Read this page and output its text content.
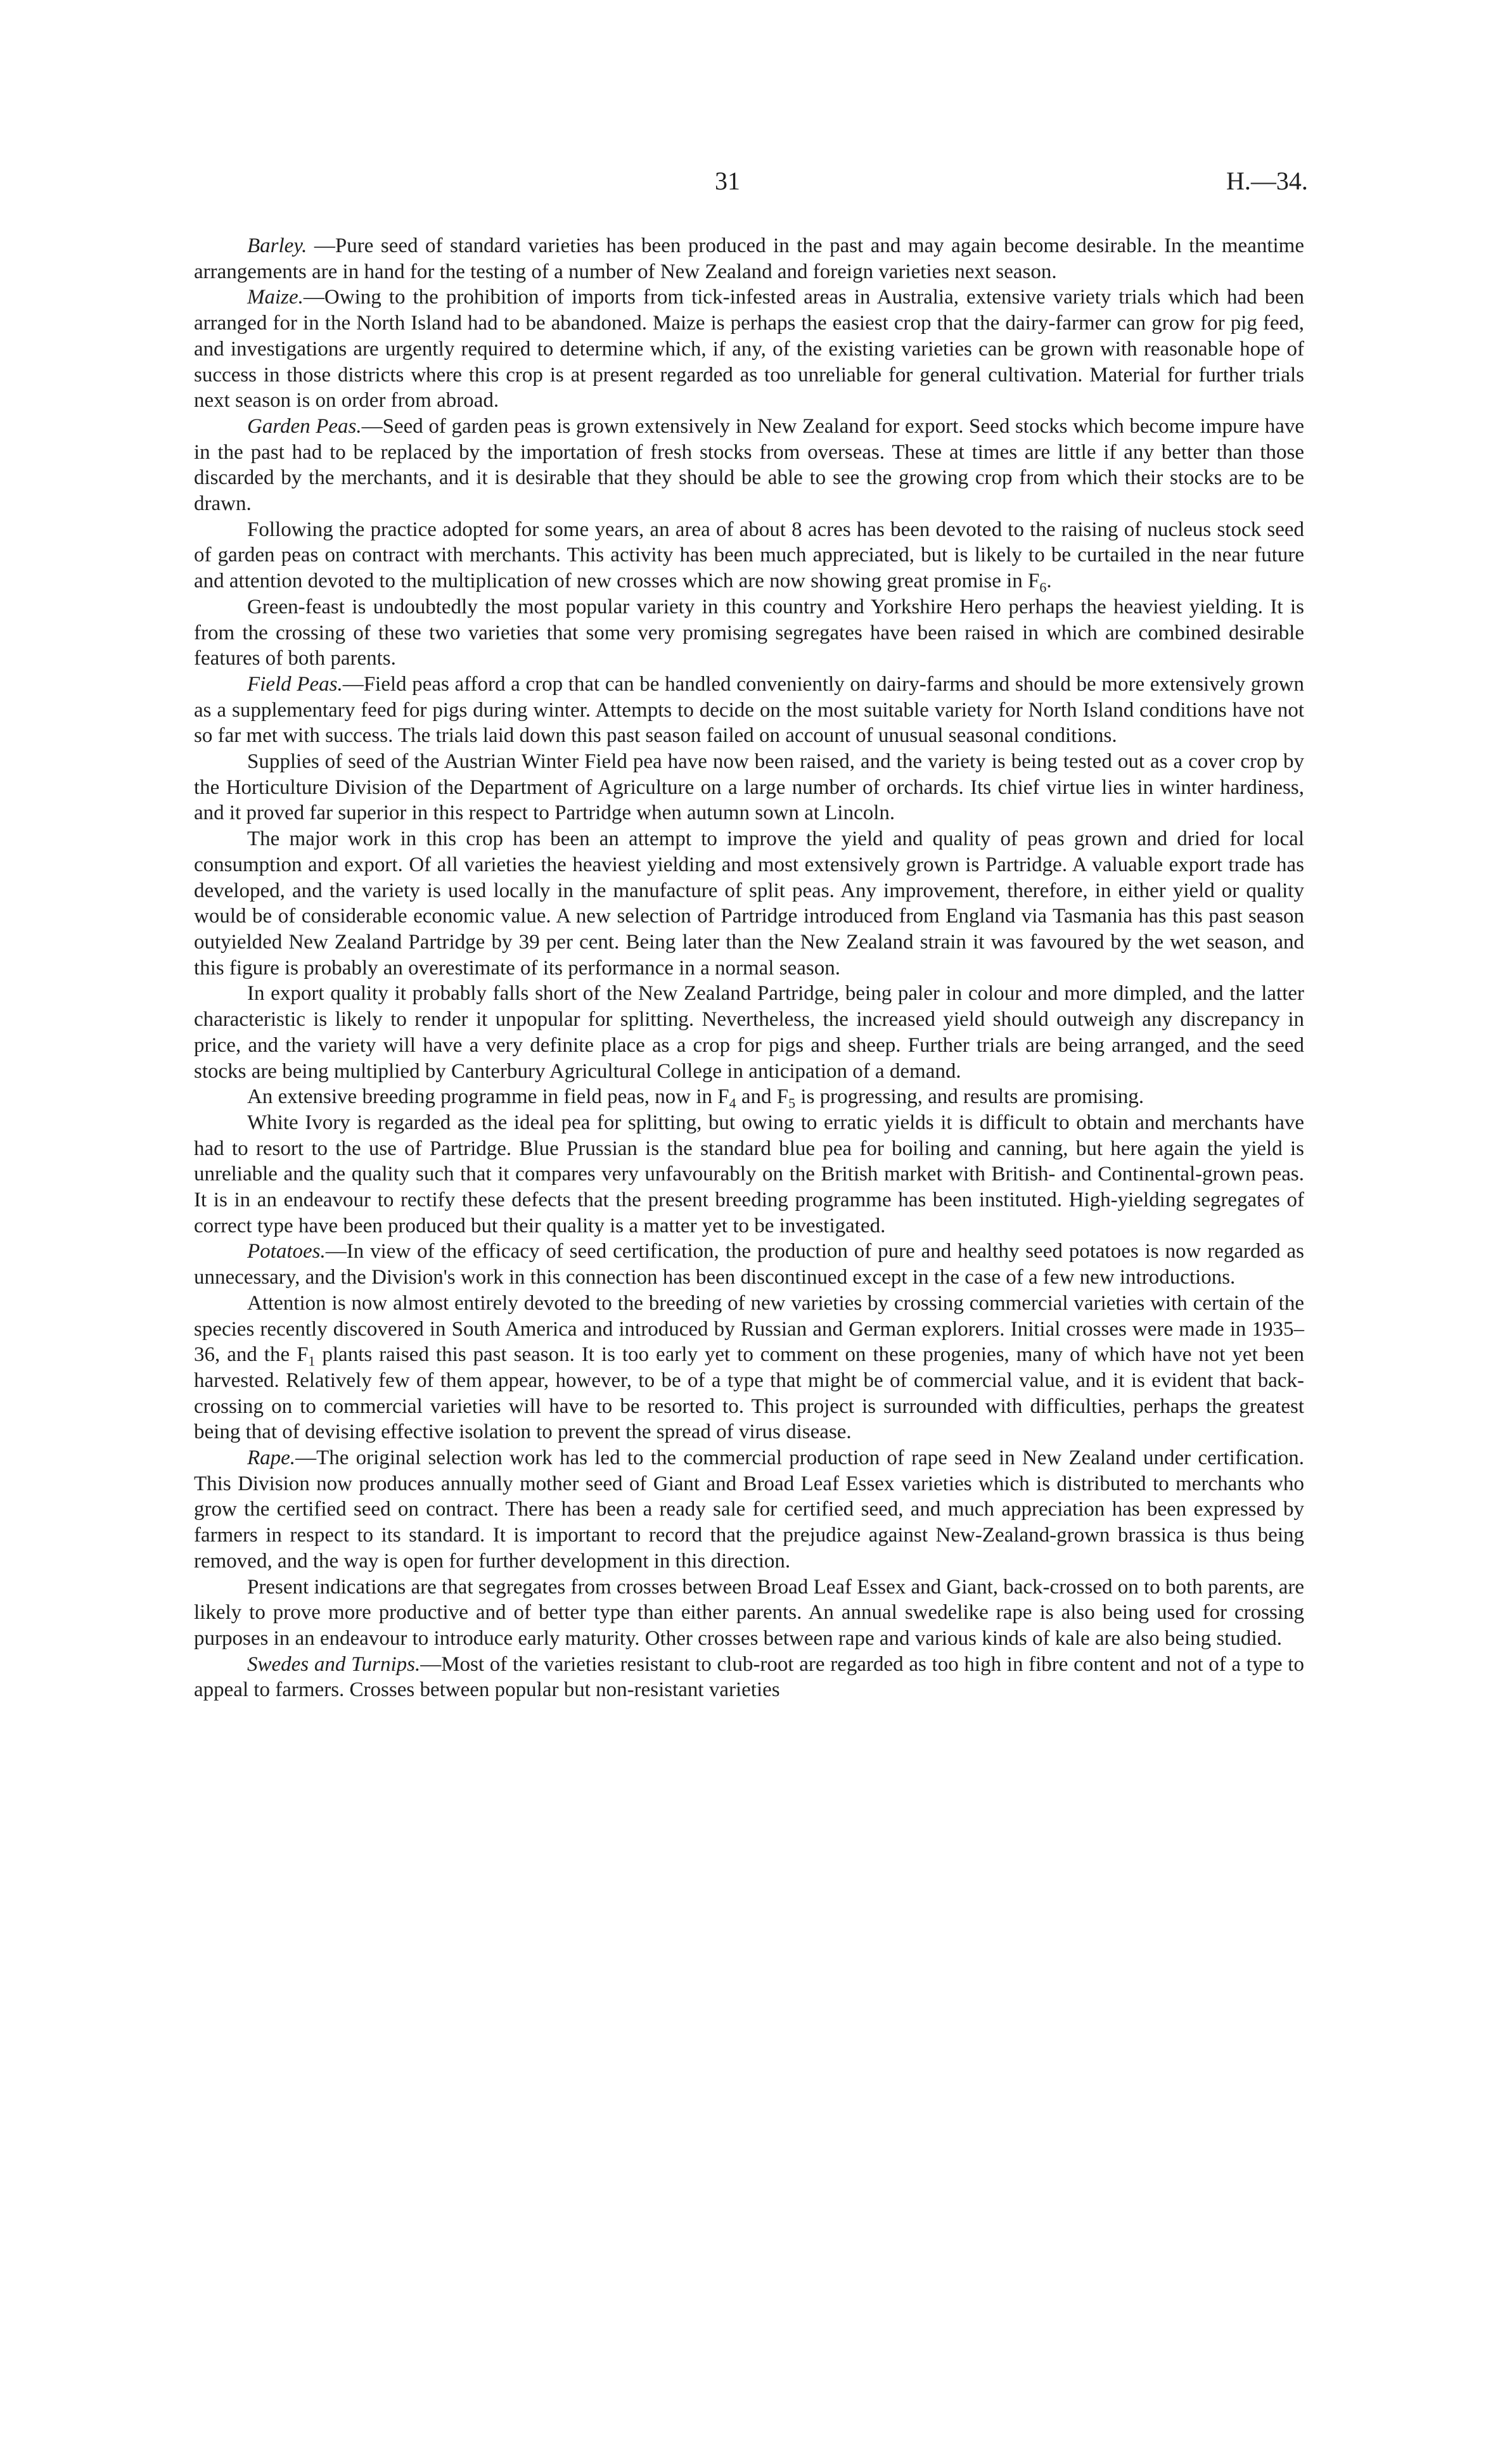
31	H.—34.

Barley. —Pure seed of standard varieties has been produced in the past and may again become desirable. In the meantime arrangements are in hand for the testing of a number of New Zealand and foreign varieties next season.

Maize.—Owing to the prohibition of imports from tick-infested areas in Australia, extensive variety trials which had been arranged for in the North Island had to be abandoned. Maize is perhaps the easiest crop that the dairy-farmer can grow for pig feed, and investigations are urgently required to determine which, if any, of the existing varieties can be grown with reasonable hope of success in those districts where this crop is at present regarded as too unreliable for general cultivation. Material for further trials next season is on order from abroad.

Garden Peas.—Seed of garden peas is grown extensively in New Zealand for export. Seed stocks which become impure have in the past had to be replaced by the importation of fresh stocks from overseas. These at times are little if any better than those discarded by the merchants, and it is desirable that they should be able to see the growing crop from which their stocks are to be drawn.

Following the practice adopted for some years, an area of about 8 acres has been devoted to the raising of nucleus stock seed of garden peas on contract with merchants. This activity has been much appreciated, but is likely to be curtailed in the near future and attention devoted to the multiplication of new crosses which are now showing great promise in $F_6$.

Green-feast is undoubtedly the most popular variety in this country and Yorkshire Hero perhaps the heaviest yielding. It is from the crossing of these two varieties that some very promising segregates have been raised in which are combined desirable features of both parents.

Field Peas.—Field peas afford a crop that can be handled conveniently on dairy-farms and should be more extensively grown as a supplementary feed for pigs during winter. Attempts to decide on the most suitable variety for North Island conditions have not so far met with success. The trials laid down this past season failed on account of unusual seasonal conditions.

Supplies of seed of the Austrian Winter Field pea have now been raised, and the variety is being tested out as a cover crop by the Horticulture Division of the Department of Agriculture on a large number of orchards. Its chief virtue lies in winter hardiness, and it proved far superior in this respect to Partridge when autumn sown at Lincoln.

The major work in this crop has been an attempt to improve the yield and quality of peas grown and dried for local consumption and export. Of all varieties the heaviest yielding and most extensively grown is Partridge. A valuable export trade has developed, and the variety is used locally in the manufacture of split peas. Any improvement, therefore, in either yield or quality would be of considerable economic value. A new selection of Partridge introduced from England via Tasmania has this past season outyielded New Zealand Partridge by 39 per cent. Being later than the New Zealand strain it was favoured by the wet season, and this figure is probably an overestimate of its performance in a normal season.

In export quality it probably falls short of the New Zealand Partridge, being paler in colour and more dimpled, and the latter characteristic is likely to render it unpopular for splitting. Nevertheless, the increased yield should outweigh any discrepancy in price, and the variety will have a very definite place as a crop for pigs and sheep. Further trials are being arranged, and the seed stocks are being multiplied by Canterbury Agricultural College in anticipation of a demand.

An extensive breeding programme in field peas, now in $F_4$ and $F_5$ is progressing, and results are promising.

White Ivory is regarded as the ideal pea for splitting, but owing to erratic yields it is difficult to obtain and merchants have had to resort to the use of Partridge. Blue Prussian is the standard blue pea for boiling and canning, but here again the yield is unreliable and the quality such that it compares very unfavourably on the British market with British- and Continental-grown peas. It is in an endeavour to rectify these defects that the present breeding programme has been instituted. High-yielding segregates of correct type have been produced but their quality is a matter yet to be investigated.

Potatoes.—In view of the efficacy of seed certification, the production of pure and healthy seed potatoes is now regarded as unnecessary, and the Division's work in this connection has been discontinued except in the case of a few new introductions.

Attention is now almost entirely devoted to the breeding of new varieties by crossing commercial varieties with certain of the species recently discovered in South America and introduced by Russian and German explorers. Initial crosses were made in 1935–36, and the $F_1$ plants raised this past season. It is too early yet to comment on these progenies, many of which have not yet been harvested. Relatively few of them appear, however, to be of a type that might be of commercial value, and it is evident that back-crossing on to commercial varieties will have to be resorted to. This project is surrounded with difficulties, perhaps the greatest being that of devising effective isolation to prevent the spread of virus disease.

Rape.—The original selection work has led to the commercial production of rape seed in New Zealand under certification. This Division now produces annually mother seed of Giant and Broad Leaf Essex varieties which is distributed to merchants who grow the certified seed on contract. There has been a ready sale for certified seed, and much appreciation has been expressed by farmers in respect to its standard. It is important to record that the prejudice against New-Zealand-grown brassica is thus being removed, and the way is open for further development in this direction.

Present indications are that segregates from crosses between Broad Leaf Essex and Giant, back-crossed on to both parents, are likely to prove more productive and of better type than either parents. An annual swedelike rape is also being used for crossing purposes in an endeavour to introduce early maturity. Other crosses between rape and various kinds of kale are also being studied.

Swedes and Turnips.—Most of the varieties resistant to club-root are regarded as too high in fibre content and not of a type to appeal to farmers. Crosses between popular but non-resistant varieties
